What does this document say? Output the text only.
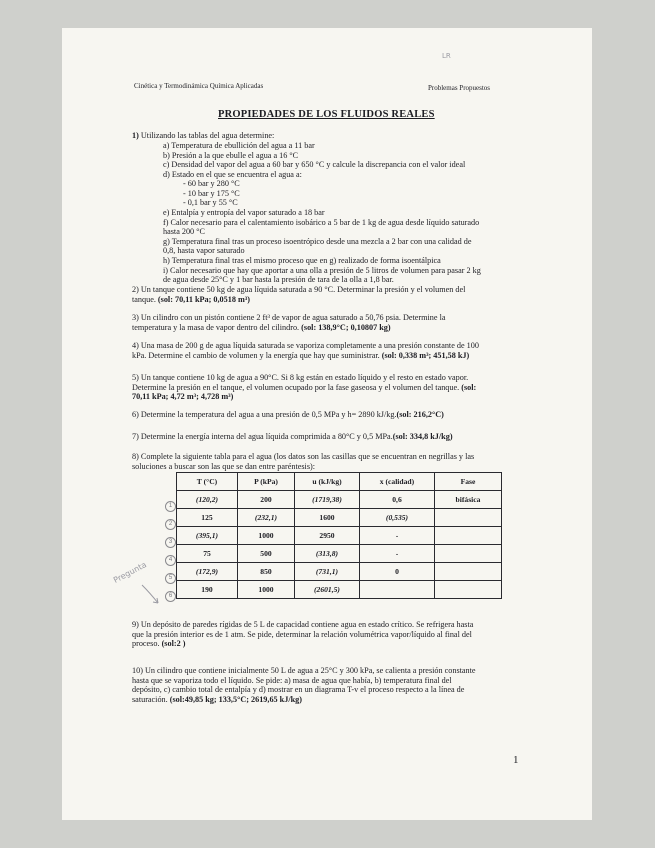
Cinética y Termodinámica Química Aplicadas	Problemas Propuestos
LR
PROPIEDADES DE LOS FLUIDOS REALES
1) Utilizando las tablas del agua determine:
a) Temperatura de ebullición del agua a 11 bar
b) Presión a la que ebulle el agua a 16 °C
c) Densidad del vapor del agua a 60 bar y 650 °C y calcule la discrepancia con el valor ideal
d) Estado en el que se encuentra el agua a:
- 60 bar y 280 °C
- 10 bar y 175 °C
- 0,1 bar y 55 °C
e) Entalpía y entropía del vapor saturado a 18 bar
f) Calor necesario para el calentamiento isobárico a 5 bar de 1 kg de agua desde líquido saturado
hasta 200 °C
g) Temperatura final tras un proceso isoentrópico desde una mezcla a 2 bar con una calidad de
0,8, hasta vapor saturado
h) Temperatura final tras el mismo proceso que en g) realizado de forma isoentálpica
i) Calor necesario que hay que aportar a una olla a presión de 5 litros de volumen para pasar 2 kg
de agua desde 25°C y 1 bar hasta la presión de tara de la olla a 1,8 bar.
2) Un tanque contiene 50 kg de agua líquida saturada a 90 °C. Determinar la presión y el volumen del
tanque. (sol: 70,11 kPa; 0,0518 m³)
3) Un cilindro con un pistón contiene 2 ft³ de vapor de agua saturado a 50,76 psia. Determine la
temperatura y la masa de vapor dentro del cilindro. (sol: 138,9°C; 0,10807 kg)
4) Una masa de 200 g de agua líquida saturada se vaporiza completamente a una presión constante de 100
kPa. Determine el cambio de volumen y la energía que hay que suministrar. (sol: 0,338 m³; 451,58 kJ)
5) Un tanque contiene 10 kg de agua a 90°C. Si 8 kg están en estado líquido y el resto en estado vapor.
Determine la presión en el tanque, el volumen ocupado por la fase gaseosa y el volumen del tanque. (sol:
70,11 kPa; 4,72 m³; 4,728 m³)
6) Determine la temperatura del agua a una presión de 0,5 MPa y h= 2890 kJ/kg.(sol: 216,2°C)
7) Determine la energía interna del agua líquida comprimida a 80°C y 0,5 MPa.(sol: 334,8 kJ/kg)
8) Complete la siguiente tabla para el agua (los datos son las casillas que se encuentran en negrillas y las
soluciones a buscar son las que se dan entre paréntesis):
T (°C)	P (kPa)	u (kJ/kg)	x (calidad)	Fase
(120,2)	200	(1719,38)	0,6	bifásica
125	(232,1)	1600	(0,535)	
(395,1)	1000	2950	-	
75	500	(313,8)	-	
(172,9)	850	(731,1)	0	
190	1000	(2601,5)		
1
2
3
4
5
6
Pregunta
9) Un depósito de paredes rígidas de 5 L de capacidad contiene agua en estado crítico. Se refrigera hasta
que la presión interior es de 1 atm. Se pide, determinar la relación volumétrica vapor/líquido al final del
proceso. (sol:2 )
10) Un cilindro que contiene inicialmente 50 L de agua a 25°C y 300 kPa, se calienta a presión constante
hasta que se vaporiza todo el líquido. Se pide: a) masa de agua que había, b) temperatura final del
depósito, c) cambio total de entalpía y d) mostrar en un diagrama T-v el proceso respecto a la línea de
saturación. (sol:49,85 kg; 133,5°C; 2619,65 kJ/kg)
1
